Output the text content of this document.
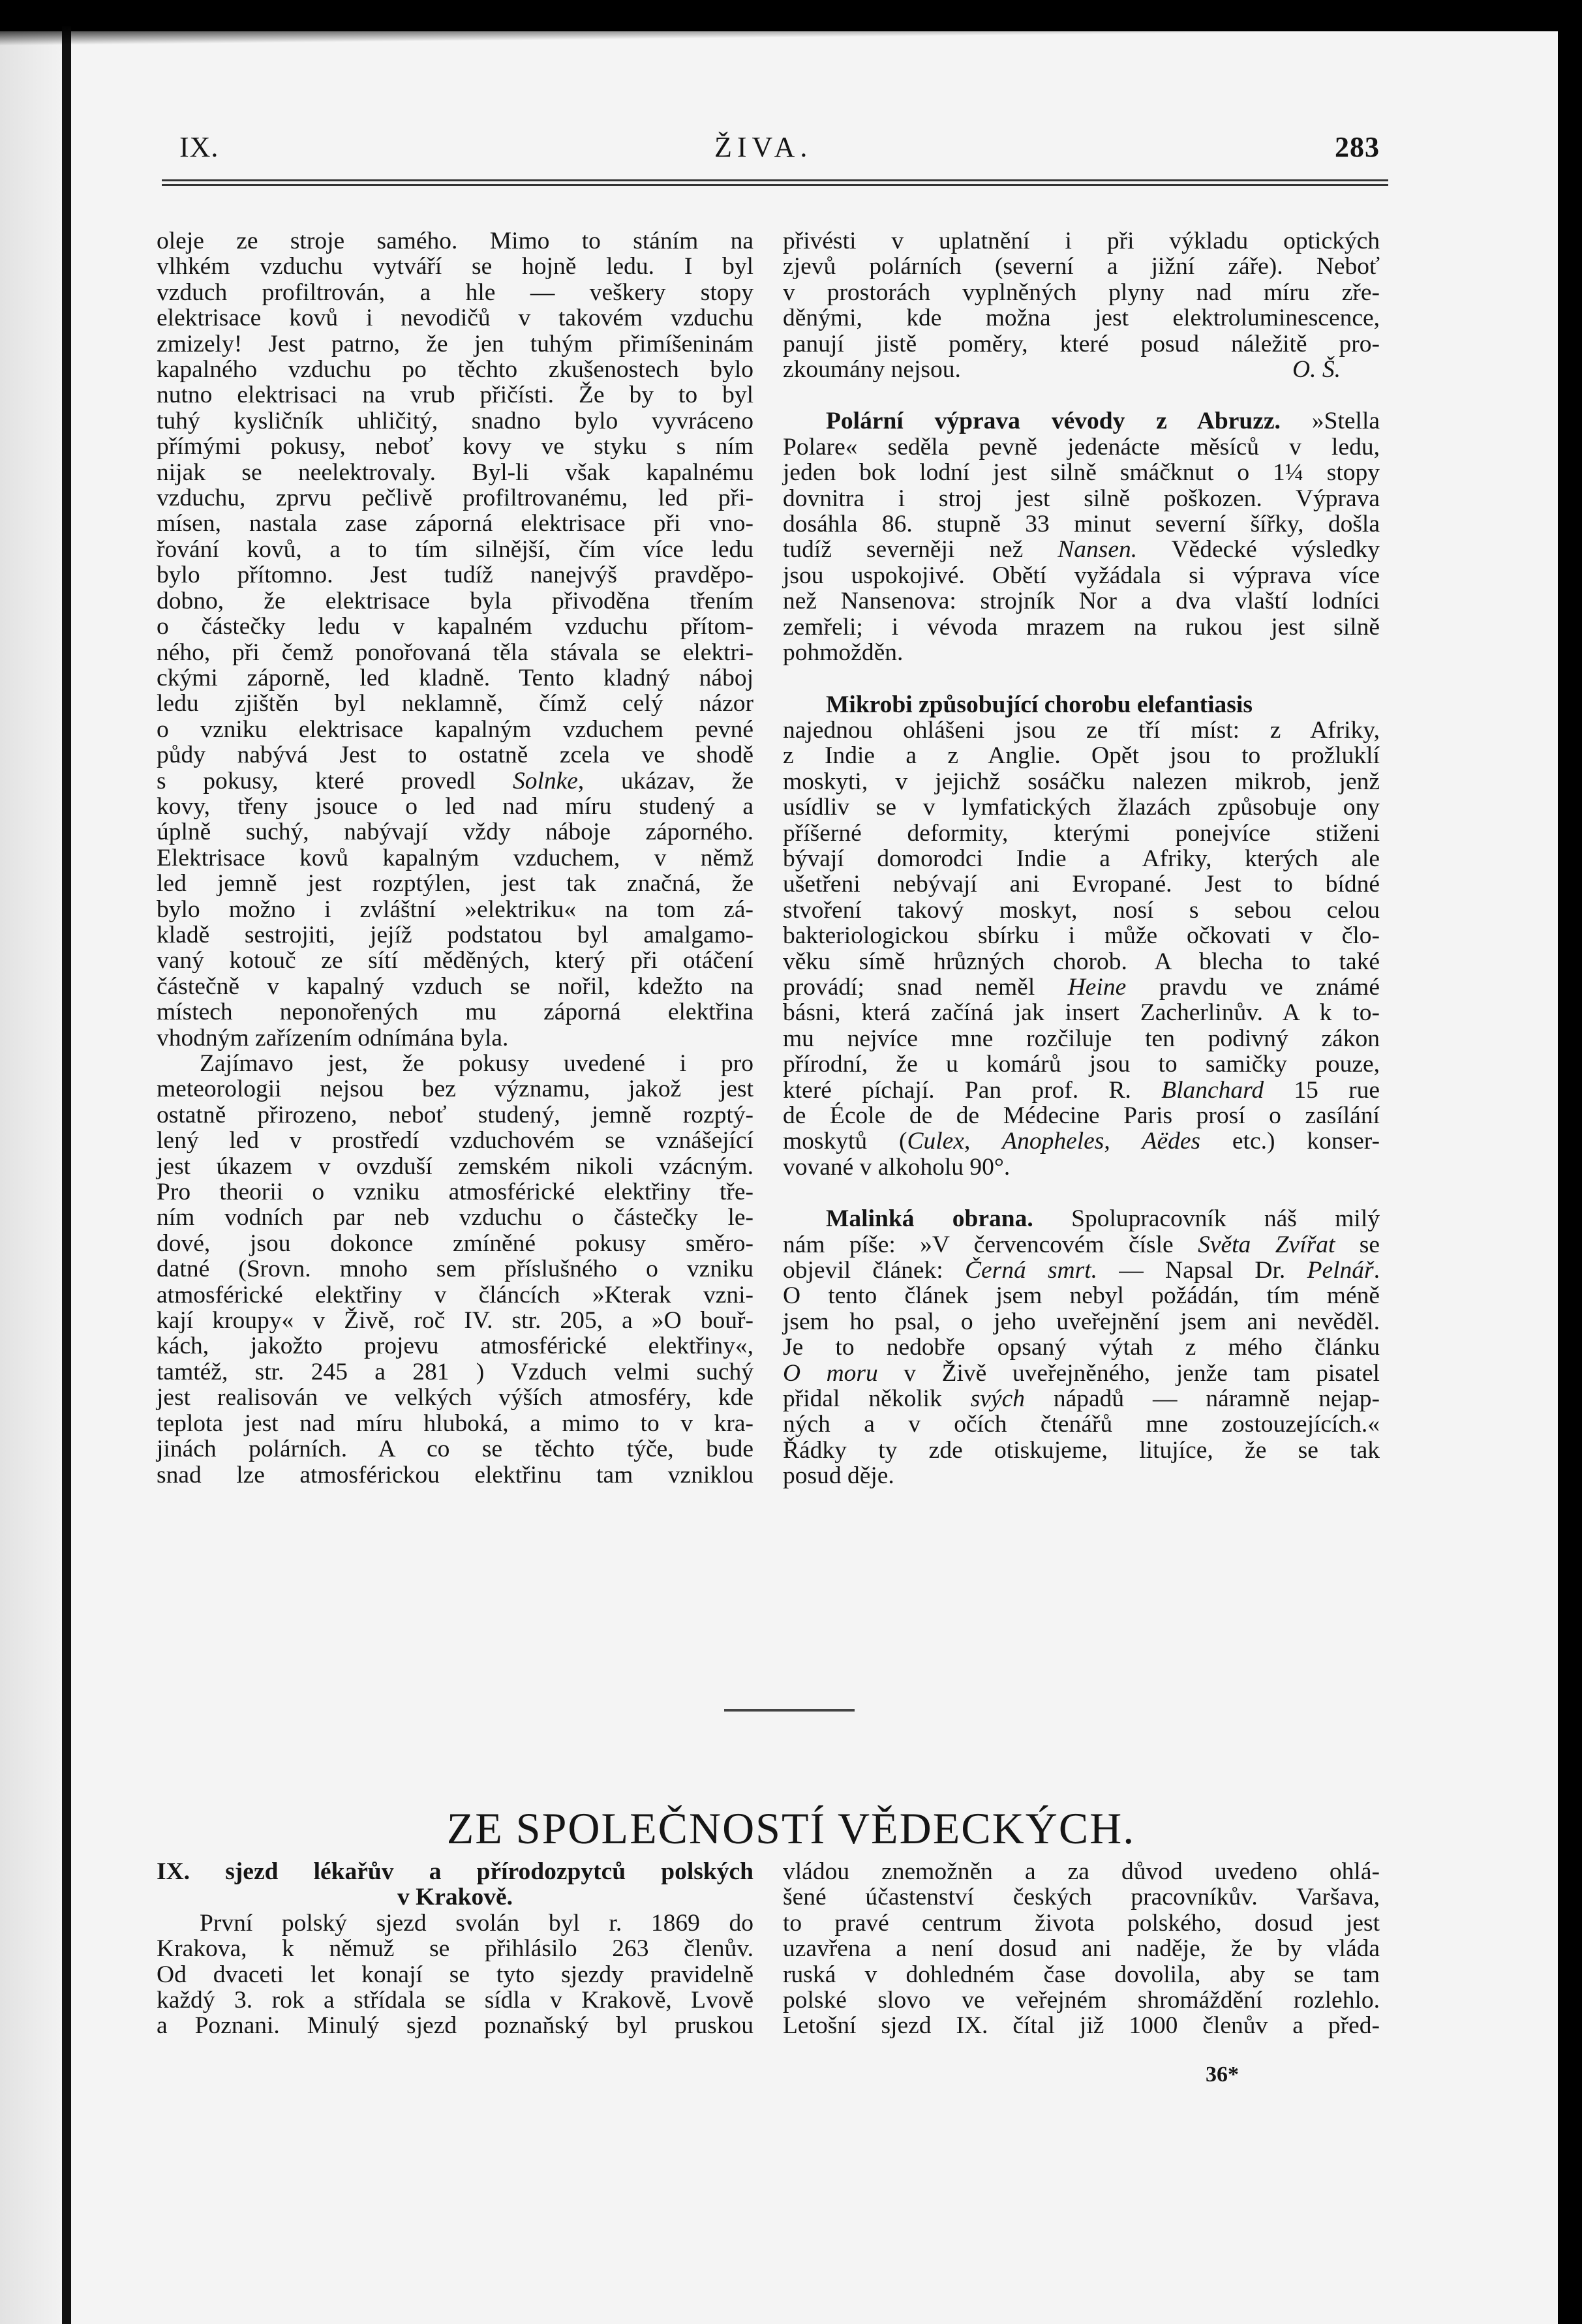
IX.	ŽIVA.	283
oleje ze stroje samého. Mimo to stáním na
vlhkém vzduchu vytváří se hojně ledu. I byl
vzduch profiltrován, a hle — veškery stopy
elektrisace kovů i nevodičů v takovém vzduchu
zmizely! Jest patrno, že jen tuhým přimíšeninám
kapalného vzduchu po těchto zkušenostech bylo
nutno elektrisaci na vrub přičísti. Že by to byl
tuhý kysličník uhličitý, snadno bylo vyvráceno
přímými pokusy, neboť kovy ve styku s ním
nijak se neelektrovaly. Byl-li však kapalnému
vzduchu, zprvu pečlivě profiltrovanému, led při-
mísen, nastala zase záporná elektrisace při vno-
řování kovů, a to tím silnější, čím více ledu
bylo přítomno. Jest tudíž nanejvýš pravděpo-
dobno, že elektrisace byla přivoděna třením
o částečky ledu v kapalném vzduchu přítom-
ného, při čemž ponořovaná těla stávala se elektri-
ckými záporně, led kladně. Tento kladný náboj
ledu zjištěn byl neklamně, čímž celý názor
o vzniku elektrisace kapalným vzduchem pevné
půdy nabývá Jest to ostatně zcela ve shodě
s pokusy, které provedl Solnke, ukázav, že
kovy, třeny jsouce o led nad míru studený a
úplně suchý, nabývají vždy náboje záporného.
Elektrisace kovů kapalným vzduchem, v němž
led jemně jest rozptýlen, jest tak značná, že
bylo možno i zvláštní »elektriku« na tom zá-
kladě sestrojiti, jejíž podstatou byl amalgamo-
vaný kotouč ze sítí měděných, který při otáčení
částečně v kapalný vzduch se nořil, kdežto na
místech neponořených mu záporná elektřina
vhodným zařízením odnímána byla.
Zajímavo jest, že pokusy uvedené i pro
meteorologii nejsou bez významu, jakož jest
ostatně přirozeno, neboť studený, jemně rozptý-
lený led v prostředí vzduchovém se vznášející
jest úkazem v ovzduší zemském nikoli vzácným.
Pro theorii o vzniku atmosférické elektřiny tře-
ním vodních par neb vzduchu o částečky le-
dové, jsou dokonce zmíněné pokusy směro-
datné (Srovn. mnoho sem příslušného o vzniku
atmosférické elektřiny v článcích »Kterak vzni-
kají kroupy« v Živě, roč IV. str. 205, a »O bouř-
kách, jakožto projevu atmosférické elektřiny«,
tamtéž, str. 245 a 281 ) Vzduch velmi suchý
jest realisován ve velkých výších atmosféry, kde
teplota jest nad míru hluboká, a mimo to v kra-
jinách polárních. A co se těchto týče, bude
snad lze atmosférickou elektřinu tam vzniklou
přivésti v uplatnění i při výkladu optických
zjevů polárních (severní a jižní záře). Neboť
v prostorách vyplněných plyny nad míru zře-
děnými, kde možna jest elektroluminescence,
panují jistě poměry, které posud náležitě pro-
zkoumány nejsou.	O. Š.
Polární výprava vévody z Abruzz. »Stella
Polare« seděla pevně jedenácte měsíců v ledu,
jeden bok lodní jest silně smáčknut o 1¼ stopy
dovnitra i stroj jest silně poškozen. Výprava
dosáhla 86. stupně 33 minut severní šířky, došla
tudíž severněji než Nansen. Vědecké výsledky
jsou uspokojivé. Obětí vyžádala si výprava více
než Nansenova: strojník Nor a dva vlaští lodníci
zemřeli; i vévoda mrazem na rukou jest silně
pohmožděn.
Mikrobi způsobující chorobu elefantiasis
najednou ohlášeni jsou ze tří míst: z Afriky,
z Indie a z Anglie. Opět jsou to prožluklí
moskyti, v jejichž sosáčku nalezen mikrob, jenž
usídliv se v lymfatických žlazách způsobuje ony
příšerné deformity, kterými ponejvíce stiženi
bývají domorodci Indie a Afriky, kterých ale
ušetřeni nebývají ani Evropané. Jest to bídné
stvoření takový moskyt, nosí s sebou celou
bakteriologickou sbírku i může očkovati v člo-
věku símě hrůzných chorob. A blecha to také
provádí; snad neměl Heine pravdu ve známé
básni, která začíná jak insert Zacherlinův. A k to-
mu nejvíce mne rozčiluje ten podivný zákon
přírodní, že u komárů jsou to samičky pouze,
které píchají. Pan prof. R. Blanchard 15 rue
de École de de Médecine Paris prosí o zasílání
moskytů (Culex, Anopheles, Aëdes etc.) konser-
vované v alkoholu 90°.
Malinká obrana. Spolupracovník náš milý
nám píše: »V červencovém čísle Světa Zvířat se
objevil článek: Černá smrt. — Napsal Dr. Pelnář.
O tento článek jsem nebyl požádán, tím méně
jsem ho psal, o jeho uveřejnění jsem ani nevěděl.
Je to nedobře opsaný výtah z mého článku
O moru v Živě uveřejněného, jenže tam pisatel
přidal několik svých nápadů — náramně nejap-
ných a v očích čtenářů mne zostouzejících.«
Řádky ty zde otiskujeme, litujíce, že se tak
posud děje.
ZE SPOLEČNOSTÍ VĚDECKÝCH.
IX. sjezd lékařův a přírodozpytců polských
v Krakově.
První polský sjezd svolán byl r. 1869 do
Krakova, k němuž se přihlásilo 263 členův.
Od dvaceti let konají se tyto sjezdy pravidelně
každý 3. rok a střídala se sídla v Krakově, Lvově
a Poznani. Minulý sjezd poznaňský byl pruskou
vládou znemožněn a za důvod uvedeno ohlá-
šené účastenství českých pracovníkův. Varšava,
to pravé centrum života polského, dosud jest
uzavřena a není dosud ani naděje, že by vláda
ruská v dohledném čase dovolila, aby se tam
polské slovo ve veřejném shromáždění rozlehlo.
Letošní sjezd IX. čítal již 1000 členův a před-
36*
